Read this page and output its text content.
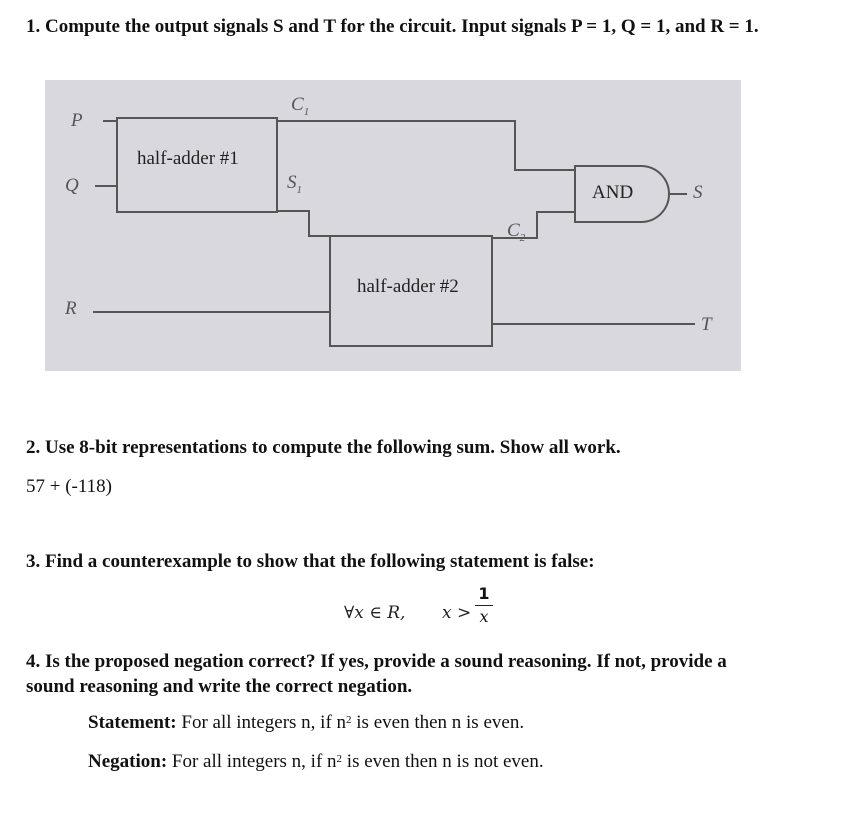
1. Compute the output signals S and T for the circuit. Input signals P = 1, Q = 1, and R = 1.
P
Q
R
half-adder #1
half-adder #2
$C_1$
$S_1$
$C_2$
AND	S
T
2. Use 8-bit representations to compute the following sum. Show all work.
57 + (-118)
3. Find a counterexample to show that the following statement is false:
∀x ∈ R, x >
1
x
4. Is the proposed negation correct? If yes, provide a sound reasoning. If not, provide a
sound reasoning and write the correct negation.
Statement: For all integers n, if $n^2$ is even then n is even.
Negation: For all integers n, if $n^2$ is even then n is not even.
